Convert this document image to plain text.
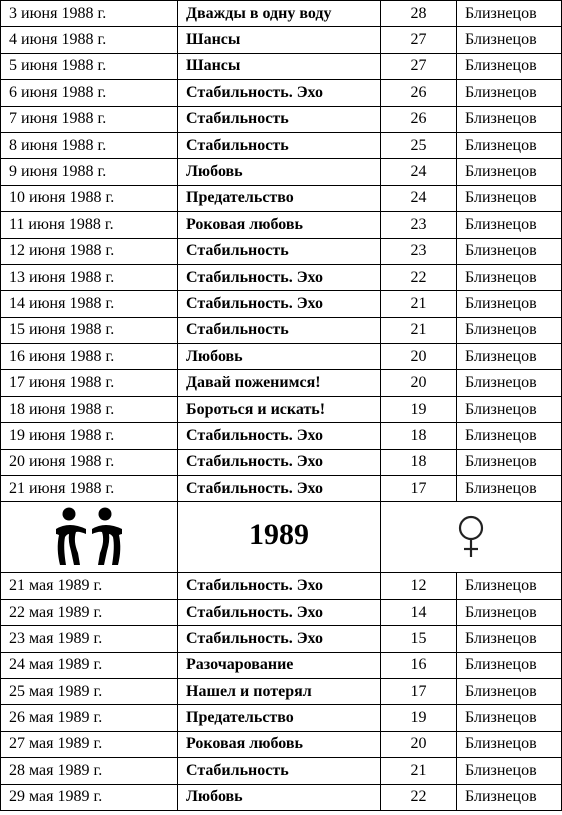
3 июня 1988 г.	Дважды в одну воду	28	Близнецов
4 июня 1988 г.	Шансы	27	Близнецов
5 июня 1988 г.	Шансы	27	Близнецов
6 июня 1988 г.	Стабильность. Эхо	26	Близнецов
7 июня 1988 г.	Стабильность	26	Близнецов
8 июня 1988 г.	Стабильность	25	Близнецов
9 июня 1988 г.	Любовь	24	Близнецов
10 июня 1988 г.	Предательство	24	Близнецов
11 июня 1988 г.	Роковая любовь	23	Близнецов
12 июня 1988 г.	Стабильность	23	Близнецов
13 июня 1988 г.	Стабильность. Эхо	22	Близнецов
14 июня 1988 г.	Стабильность. Эхо	21	Близнецов
15 июня 1988 г.	Стабильность	21	Близнецов
16 июня 1988 г.	Любовь	20	Близнецов
17 июня 1988 г.	Давай поженимся!	20	Близнецов
18 июня 1988 г.	Бороться и искать!	19	Близнецов
19 июня 1988 г.	Стабильность. Эхо	18	Близнецов
20 июня 1988 г.	Стабильность. Эхо	18	Близнецов
21 июня 1988 г.	Стабильность. Эхо	17	Близнецов
	1989	
21 мая 1989 г.	Стабильность. Эхо	12	Близнецов
22 мая 1989 г.	Стабильность. Эхо	14	Близнецов
23 мая 1989 г.	Стабильность. Эхо	15	Близнецов
24 мая 1989 г.	Разочарование	16	Близнецов
25 мая 1989 г.	Нашел и потерял	17	Близнецов
26 мая 1989 г.	Предательство	19	Близнецов
27 мая 1989 г.	Роковая любовь	20	Близнецов
28 мая 1989 г.	Стабильность	21	Близнецов
29 мая 1989 г.	Любовь	22	Близнецов
